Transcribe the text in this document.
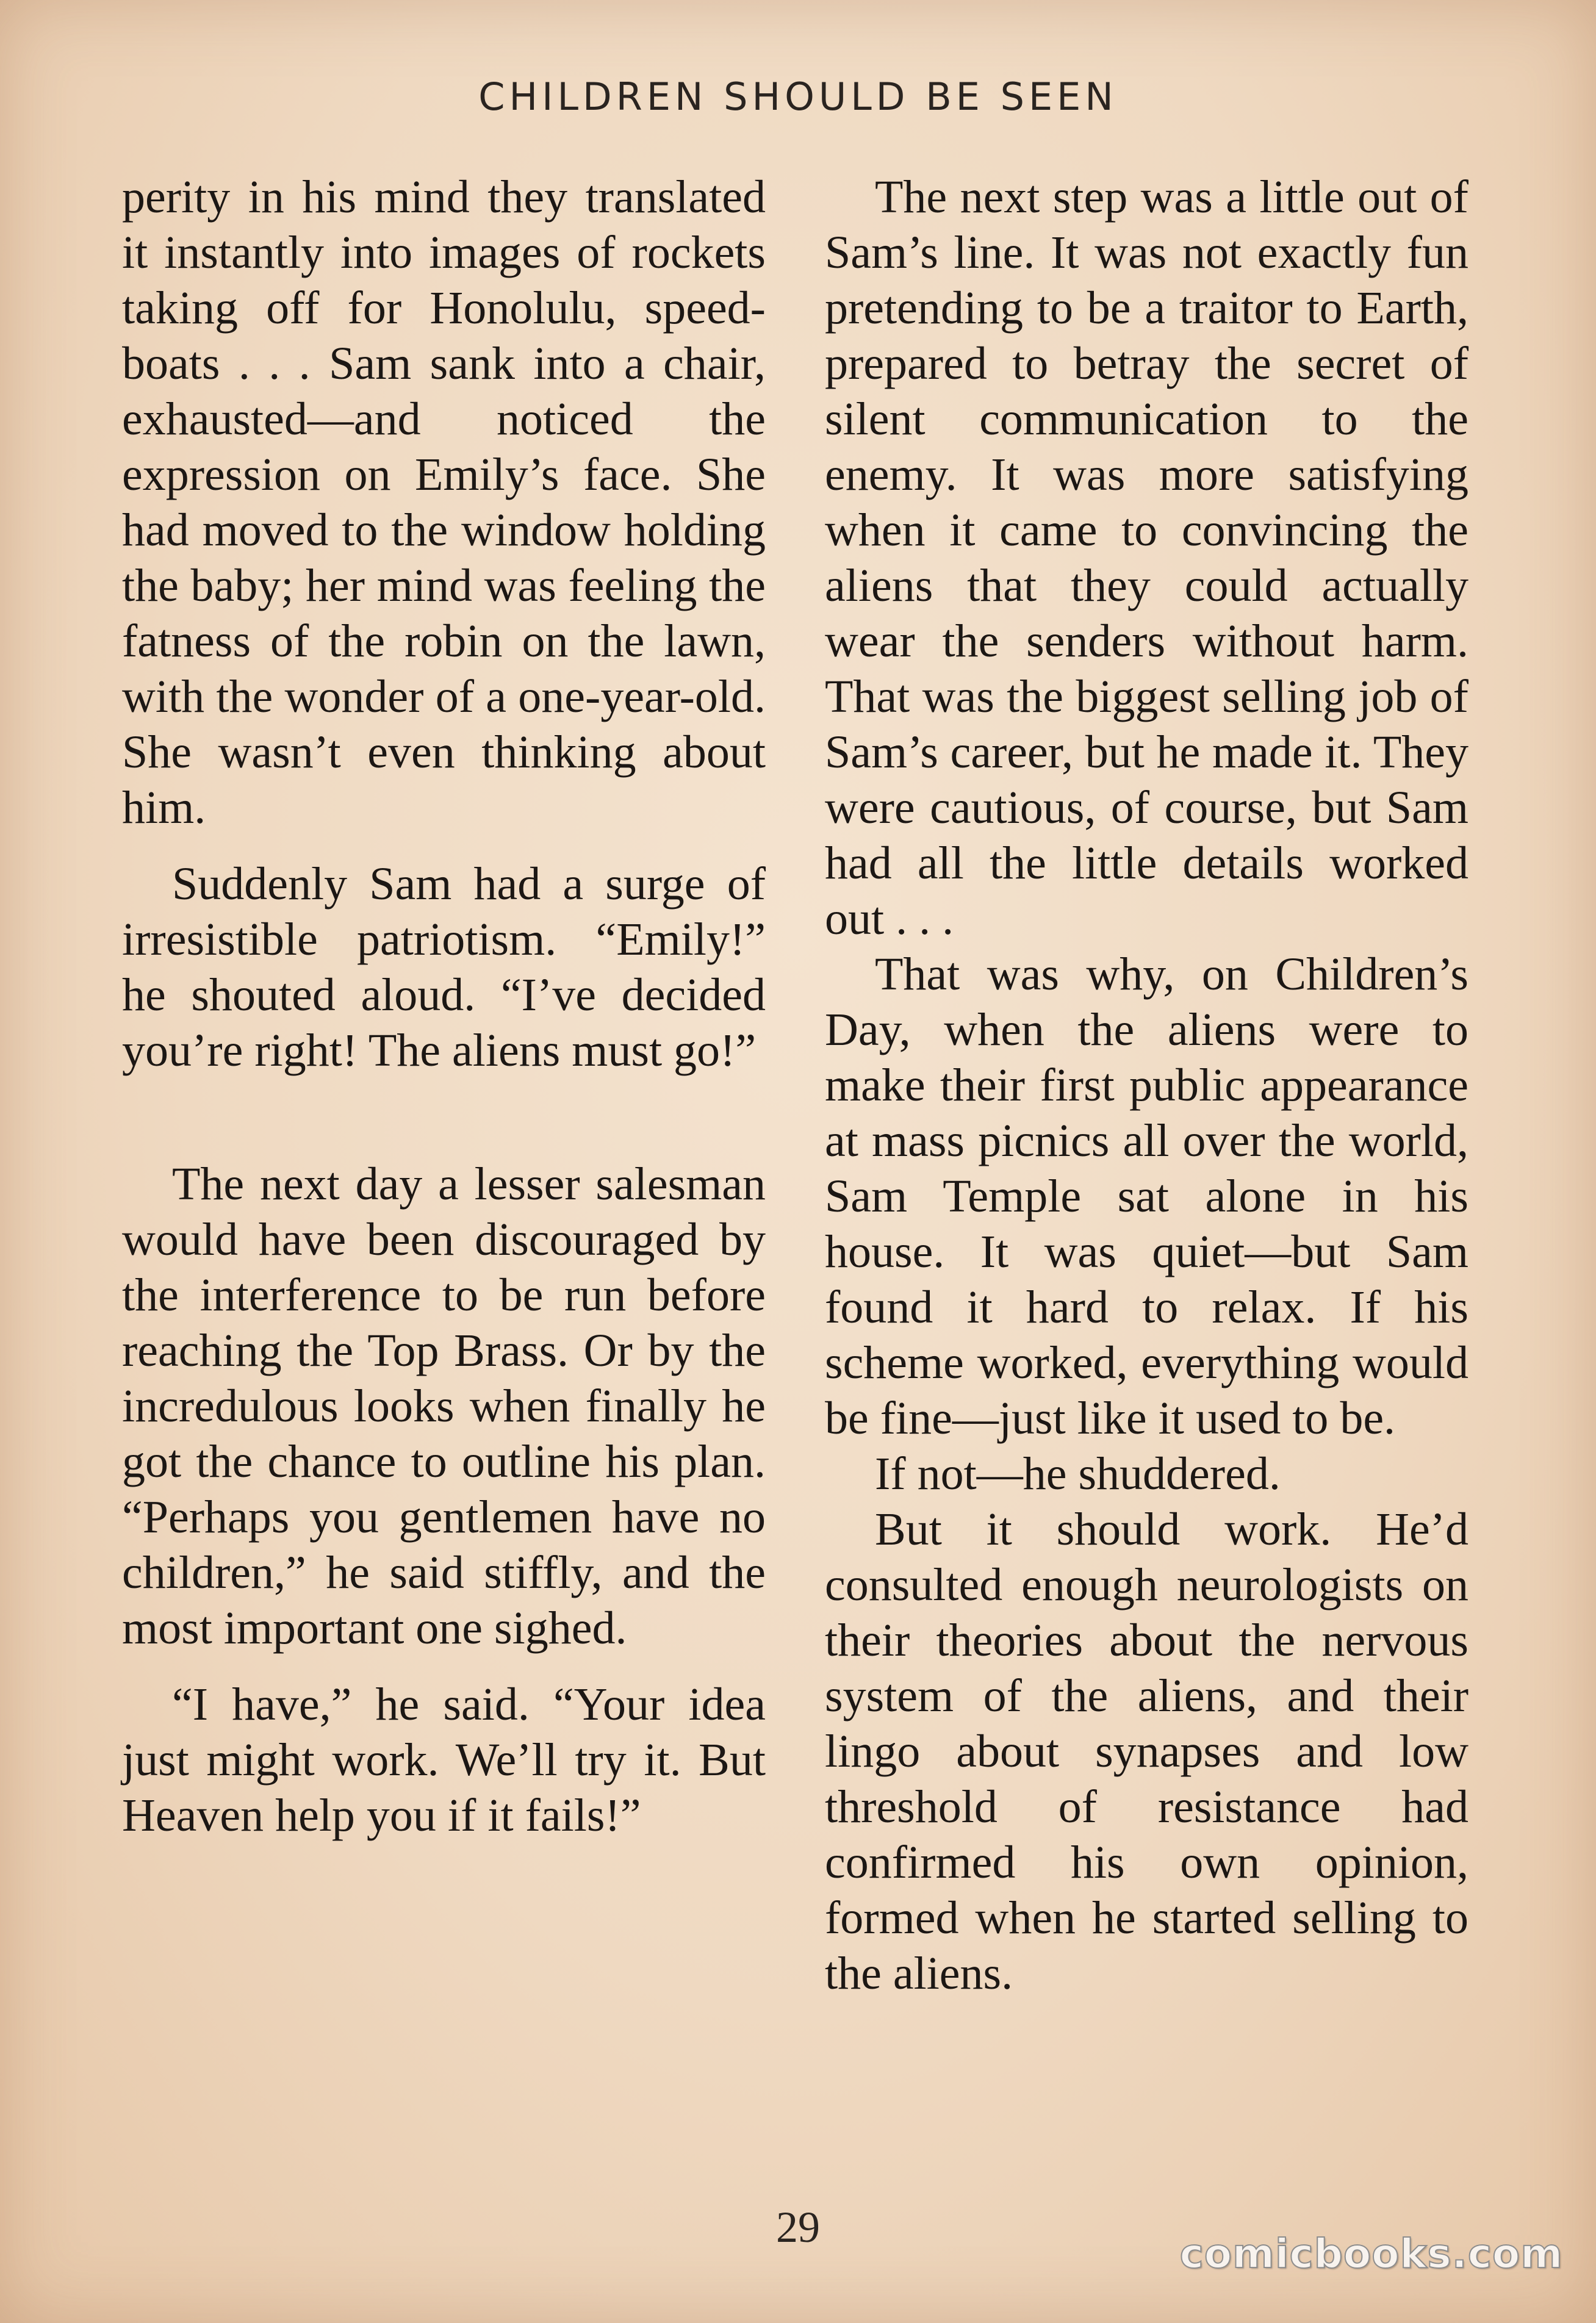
CHILDREN SHOULD BE SEEN

perity in his mind they translated it instantly into images of rockets taking off for Honolulu, speed-boats . . . Sam sank into a chair, exhausted—and noticed the expression on Emily’s face. She had moved to the window holding the baby; her mind was feeling the fatness of the robin on the lawn, with the wonder of a one-year-old. She wasn’t even thinking about him.

Suddenly Sam had a surge of irresistible patriotism. “Emily!” he shouted aloud. “I’ve decided you’re right! The aliens must go!”

The next day a lesser salesman would have been discouraged by the interference to be run before reaching the Top Brass. Or by the incredulous looks when finally he got the chance to outline his plan. “Perhaps you gentlemen have no children,” he said stiffly, and the most important one sighed.

“I have,” he said. “Your idea just might work. We’ll try it. But Heaven help you if it fails!”

The next step was a little out of Sam’s line. It was not exactly fun pretending to be a traitor to Earth, prepared to betray the secret of silent communication to the enemy. It was more satisfying when it came to convincing the aliens that they could actually wear the senders without harm. That was the biggest selling job of Sam’s career, but he made it. They were cautious, of course, but Sam had all the little details worked out . . .

That was why, on Children’s Day, when the aliens were to make their first public appearance at mass picnics all over the world, Sam Temple sat alone in his house. It was quiet—but Sam found it hard to relax. If his scheme worked, everything would be fine—just like it used to be.

If not—he shuddered.

But it should work. He’d consulted enough neurologists on their theories about the nervous system of the aliens, and their lingo about synapses and low threshold of resistance had confirmed his own opinion, formed when he started selling to the aliens.

29
comicbooks.com
